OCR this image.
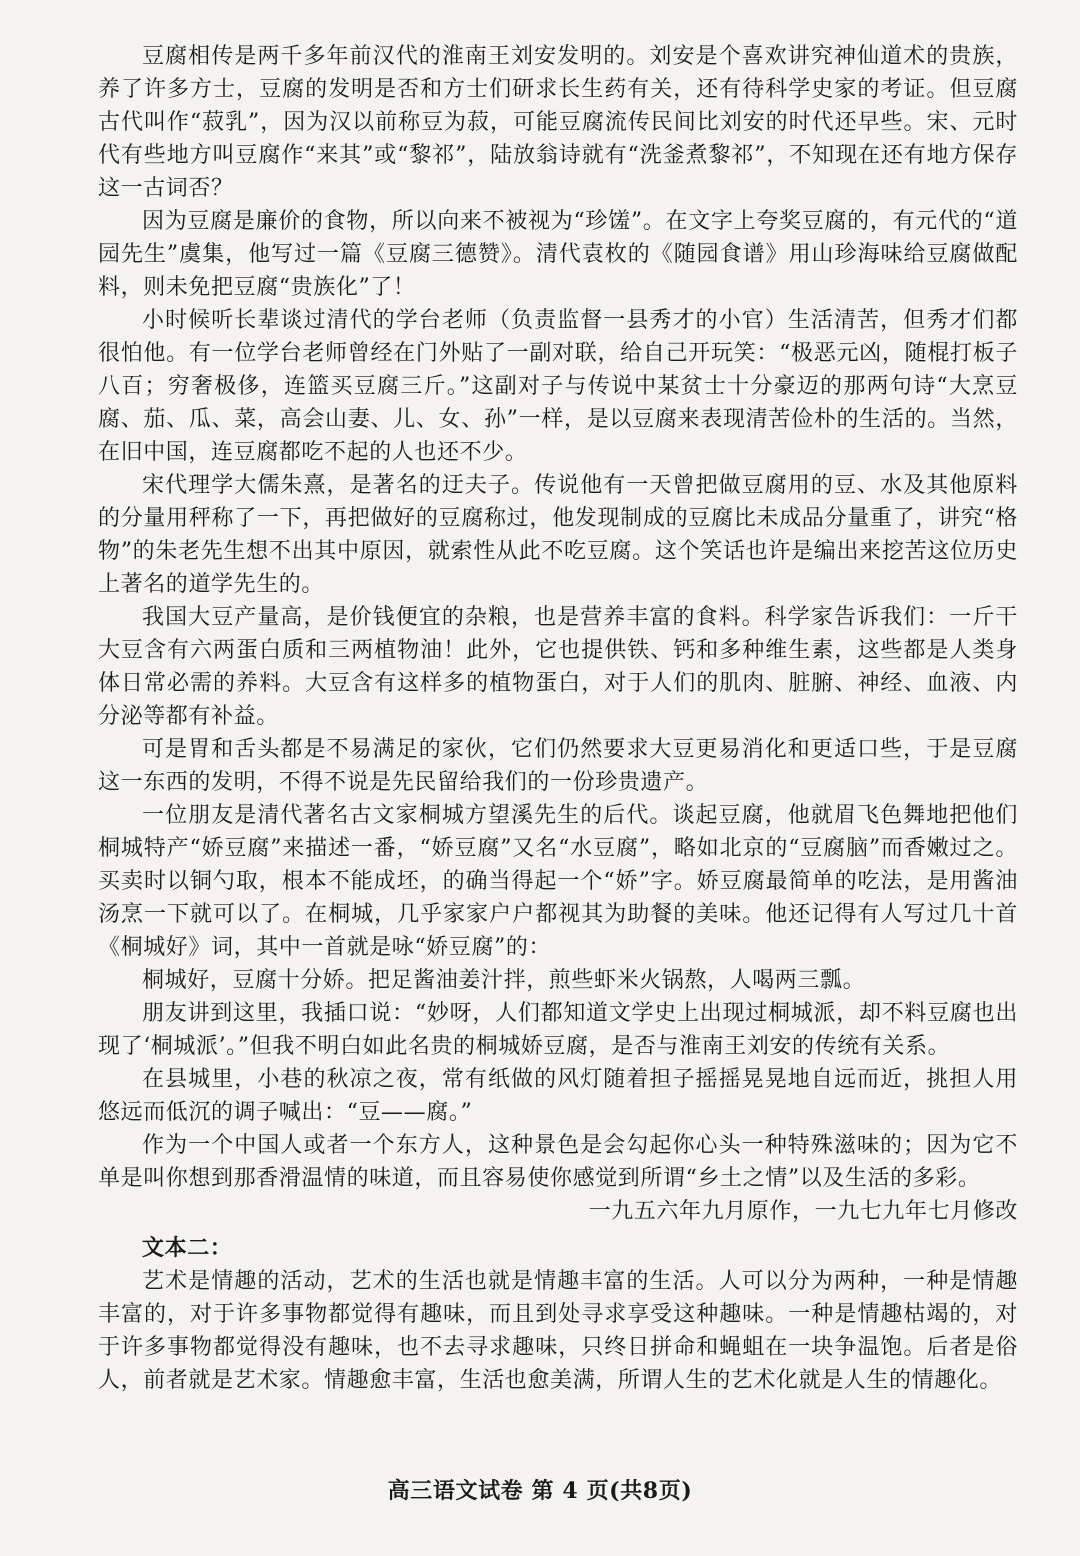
豆腐相传是两千多年前汉代的淮南王刘安发明的。刘安是个喜欢讲究神仙道术的贵族，养了许多方士，豆腐的发明是否和方士们研求长生药有关，还有待科学史家的考证。但豆腐古代叫作“菽乳”，因为汉以前称豆为菽，可能豆腐流传民间比刘安的时代还早些。宋、元时代有些地方叫豆腐作“来其”或“黎祁”，陆放翁诗就有“洗釜煮黎祁”，不知现在还有地方保存这一古词否？

因为豆腐是廉价的食物，所以向来不被视为“珍馐”。在文字上夸奖豆腐的，有元代的“道园先生”虞集，他写过一篇《豆腐三德赞》。清代袁枚的《随园食谱》用山珍海味给豆腐做配料，则未免把豆腐“贵族化”了！

小时候听长辈谈过清代的学台老师（负责监督一县秀才的小官）生活清苦，但秀才们都很怕他。有一位学台老师曾经在门外贴了一副对联，给自己开玩笑：“极恶元凶，随棍打板子八百；穷奢极侈，连篮买豆腐三斤。”这副对子与传说中某贫士十分豪迈的那两句诗“大烹豆腐、茄、瓜、菜，高会山妻、儿、女、孙”一样，是以豆腐来表现清苦俭朴的生活的。当然，在旧中国，连豆腐都吃不起的人也还不少。

宋代理学大儒朱熹，是著名的迂夫子。传说他有一天曾把做豆腐用的豆、水及其他原料的分量用秤称了一下，再把做好的豆腐称过，他发现制成的豆腐比未成品分量重了，讲究“格物”的朱老先生想不出其中原因，就索性从此不吃豆腐。这个笑话也许是编出来挖苦这位历史上著名的道学先生的。

我国大豆产量高，是价钱便宜的杂粮，也是营养丰富的食料。科学家告诉我们：一斤干大豆含有六两蛋白质和三两植物油！此外，它也提供铁、钙和多种维生素，这些都是人类身体日常必需的养料。大豆含有这样多的植物蛋白，对于人们的肌肉、脏腑、神经、血液、内分泌等都有补益。

可是胃和舌头都是不易满足的家伙，它们仍然要求大豆更易消化和更适口些，于是豆腐这一东西的发明，不得不说是先民留给我们的一份珍贵遗产。

一位朋友是清代著名古文家桐城方望溪先生的后代。谈起豆腐，他就眉飞色舞地把他们桐城特产“娇豆腐”来描述一番，“娇豆腐”又名“水豆腐”，略如北京的“豆腐脑”而香嫩过之。买卖时以铜勺取，根本不能成坯，的确当得起一个“娇”字。娇豆腐最简单的吃法，是用酱油汤烹一下就可以了。在桐城，几乎家家户户都视其为助餐的美味。他还记得有人写过几十首《桐城好》词，其中一首就是咏“娇豆腐”的：

桐城好，豆腐十分娇。把足酱油姜汁拌，煎些虾米火锅熬，人喝两三瓢。

朋友讲到这里，我插口说：“妙呀，人们都知道文学史上出现过桐城派，却不料豆腐也出现了‘桐城派’。”但我不明白如此名贵的桐城娇豆腐，是否与淮南王刘安的传统有关系。

在县城里，小巷的秋凉之夜，常有纸做的风灯随着担子摇摇晃晃地自远而近，挑担人用悠远而低沉的调子喊出：“豆——腐。”

作为一个中国人或者一个东方人，这种景色是会勾起你心头一种特殊滋味的；因为它不单是叫你想到那香滑温情的味道，而且容易使你感觉到所谓“乡土之情”以及生活的多彩。

一九五六年九月原作，一九七九年七月修改
文本二：

艺术是情趣的活动，艺术的生活也就是情趣丰富的生活。人可以分为两种，一种是情趣丰富的，对于许多事物都觉得有趣味，而且到处寻求享受这种趣味。一种是情趣枯竭的，对于许多事物都觉得没有趣味，也不去寻求趣味，只终日拼命和蝇蛆在一块争温饱。后者是俗人，前者就是艺术家。情趣愈丰富，生活也愈美满，所谓人生的艺术化就是人生的情趣化。

高三语文试卷 第 4 页(共8页)
